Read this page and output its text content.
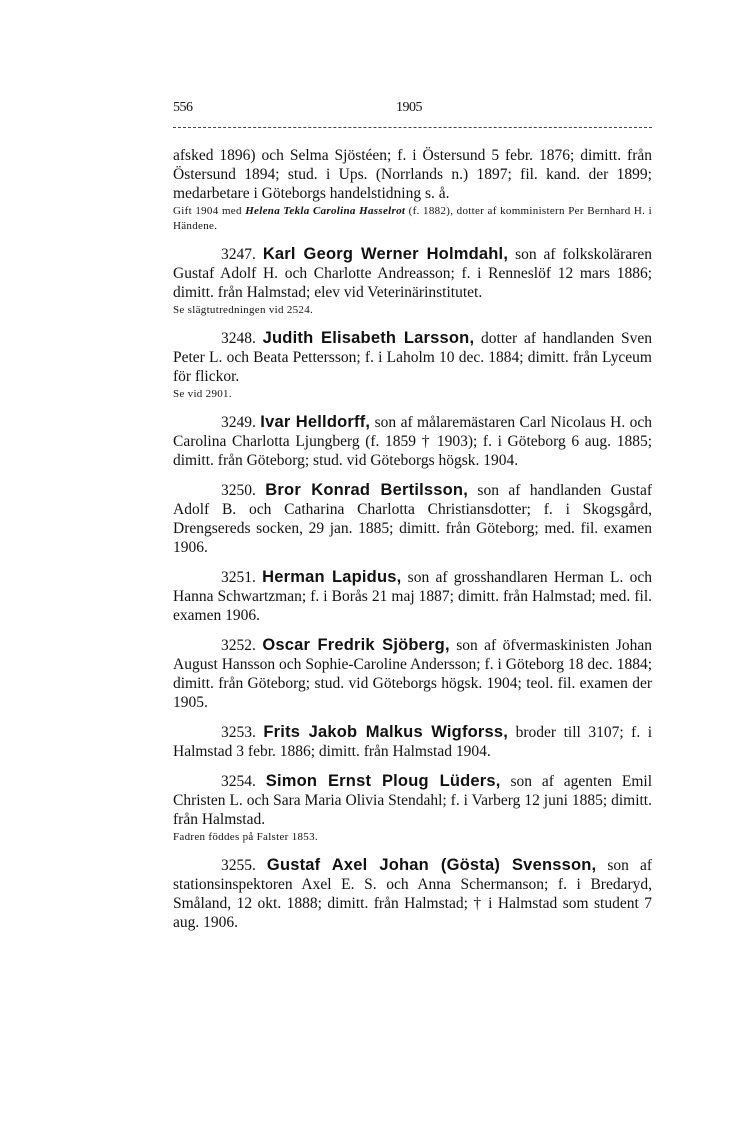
556	1905
afsked 1896) och Selma Sjöstéen; f. i Östersund 5 febr. 1876; dimitt. från Östersund 1894; stud. i Ups. (Norrlands n.) 1897; fil. kand. der 1899; medarbetare i Göteborgs handelstidning s. å.
Gift 1904 med Helena Tekla Carolina Hasselrot (f. 1882), dotter af komministern Per Bernhard H. i Händene.
3247. Karl Georg Werner Holmdahl, son af folkskoläraren Gustaf Adolf H. och Charlotte Andreasson; f. i Renneslöf 12 mars 1886; dimitt. från Halmstad; elev vid Veterinärinstitutet.
Se slägtutredningen vid 2524.
3248. Judith Elisabeth Larsson, dotter af handlanden Sven Peter L. och Beata Pettersson; f. i Laholm 10 dec. 1884; dimitt. från Lyceum för flickor.
Se vid 2901.
3249. Ivar Helldorff, son af målaremästaren Carl Nicolaus H. och Carolina Charlotta Ljungberg (f. 1859 † 1903); f. i Göteborg 6 aug. 1885; dimitt. från Göteborg; stud. vid Göteborgs högsk. 1904.
3250. Bror Konrad Bertilsson, son af handlanden Gustaf Adolf B. och Catharina Charlotta Christiansdotter; f. i Skogsgård, Drengsereds socken, 29 jan. 1885; dimitt. från Göteborg; med. fil. examen 1906.
3251. Herman Lapidus, son af grosshandlaren Herman L. och Hanna Schwartzman; f. i Borås 21 maj 1887; dimitt. från Halmstad; med. fil. examen 1906.
3252. Oscar Fredrik Sjöberg, son af öfvermaskinisten Johan August Hansson och Sophie-Caroline Andersson; f. i Göteborg 18 dec. 1884; dimitt. från Göteborg; stud. vid Göteborgs högsk. 1904; teol. fil. examen der 1905.
3253. Frits Jakob Malkus Wigforss, broder till 3107; f. i Halmstad 3 febr. 1886; dimitt. från Halmstad 1904.
3254. Simon Ernst Ploug Lüders, son af agenten Emil Christen L. och Sara Maria Olivia Stendahl; f. i Varberg 12 juni 1885; dimitt. från Halmstad.
Fadren föddes på Falster 1853.
3255. Gustaf Axel Johan (Gösta) Svensson, son af stationsinspektoren Axel E. S. och Anna Schermanson; f. i Bredaryd, Småland, 12 okt. 1888; dimitt. från Halmstad; † i Halmstad som student 7 aug. 1906.
